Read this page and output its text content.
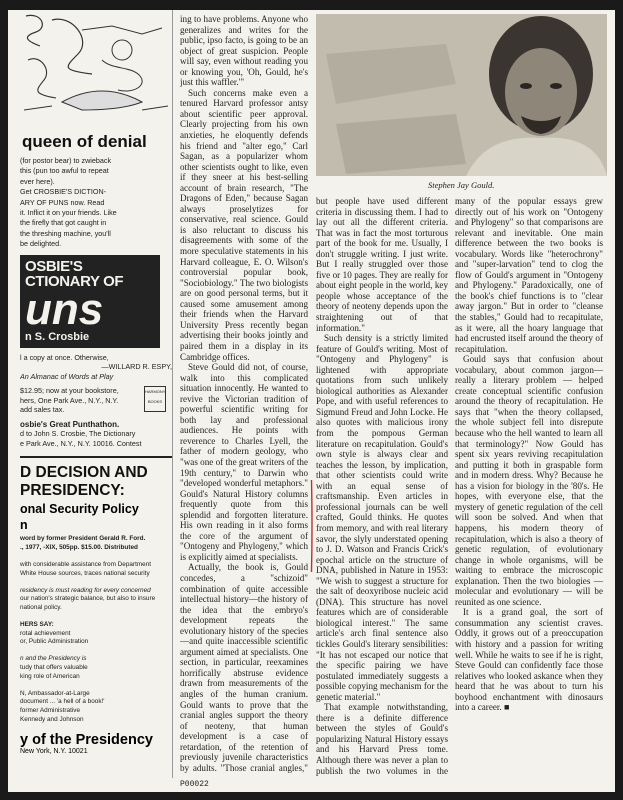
queen of denial

(for postor bear) to zwieback

this (pun too awful to repeat

ever here).

Get CROSBIE'S DICTION-

ARY OF PUNS now. Read

it. Inflict it on your friends. Like

the firefly that got caught in

the threshing machine, you'll

be delighted.

OSBIE'S
CTIONARY OF
uns
n S. Crosbie
l a copy at once. Otherwise,
—WILLARD R. ESPY,
An Almanac of Words at Play
HARMONY BOOKS
$12.95; now at your bookstore,
hers, One Park Ave., N.Y., N.Y.
add sales tax.
osbie's Great Punthathon.
d to John S. Crosbie, The Dictionary
e Park Ave., N.Y., N.Y. 10016. Contest
D DECISION AND
PRESIDENCY:
onal Security Policy
n
word by former President Gerald R. Ford.
., 1977, -XIX, 505pp. $15.00. Distributed

with considerable assistance from Department
White House sources, traces national security

residency is must reading for every concerned
our nation's strategic balance, but also to insure
national policy.

HERS SAY:
rotal achievement
or, Public Administration

n and the Presidency is
tudy that offers valuable
king role of American

N, Ambassador-at-Large
document ... 'a hell of a book!'
former Administrative
Kennedy and Johnson
y of the Presidency
New York, N.Y. 10021

ing to have problems. Anyone who generalizes and writes for the public, ipso facto, is going to be an object of great suspicion. People will say, even without reading you or knowing you, 'Oh, Gould, he's just this waffler.'"

Such concerns make even a tenured Harvard professor antsy about scientific peer approval. Clearly projecting from his own anxieties, he eloquently defends his friend and "alter ego," Carl Sagan, as a popularizer whom other scientists ought to like, even if they sneer at his best-selling account of brain research, "The Dragons of Eden," because Sagan always proselytizes for conservative, real science. Gould is also reluctant to discuss his disagreements with some of the more speculative statements in his Harvard colleague, E. O. Wilson's controversial popular book, "Sociobiology." The two biologists are on good personal terms, but it caused some amusement among their friends when the Harvard University Press recently began advertising their books jointly and paired them in a display in its Cambridge offices.

Steve Gould did not, of course, walk into this complicated situation innocently. He wanted to revive the Victorian tradition of powerful scientific writing for both lay and professional audiences. He points with reverence to Charles Lyell, the father of modern geology, who "was one of the great writers of the 19th century," to Darwin who "developed wonderful metaphors." Gould's Natural History columns frequently quote from this splendid and forgotten literature. His own reading in it also forms the core of the argument of "Ontogeny and Phylogeny," which is explicitly aimed at specialists.

Actually, the book is, Gould concedes, a "schizoid" combination of quite accessible intellectual history—the history of the idea that the embryo's development repeats the evolutionary history of the species—and quite inaccessible scientific argument aimed at specialists. One section, in particular, reexamines horrifically abstruse evidence drawn from measurements of the angles of the human cranium. Gould wants to prove that the cranial angles support the theory of neoteny, that human development is a case of retardation, of the retention of previously juvenile characteristics by adults. "Those cranial angles,"

Stephen Jay Gould.

but people have used different criteria in discussing them. I had to lay out all the different criteria. That was in fact the most torturous part of the book for me. Usually, I don't struggle writing. I just write. But I really struggled over those five or 10 pages. They are really for about eight people in the world, key people whose acceptance of the theory of neoteny depends upon the straightening out of that information."

Such density is a strictly limited feature of Gould's writing. Most of "Ontogeny and Phylogeny" is lightened with appropriate quotations from such unlikely biological authorities as Alexander Pope, and with useful references to Sigmund Freud and John Locke. He also quotes with malicious irony from the pompous German literature on recapitulation. Gould's own style is always clear and teaches the lesson, by implication, that other scientists could write with an equal sense of craftsmanship. Even articles in professional journals can be well crafted, Gould thinks. He quotes from memory, and with real literary savor, the slyly understated opening to J. D. Watson and Francis Crick's epochal article on the structure of DNA, published in Nature in 1953: "We wish to suggest a structure for the salt of deoxyribose nucleic acid (DNA). This structure has novel features which are of considerable biological interest." The same article's arch final sentence also tickles Gould's literary sensibilities: "It has not escaped our notice that the specific pairing we have postulated immediately suggests a possible copying mechanism for the genetic material."

That example notwithstanding, there is a definite difference between the styles of Gould's popularizing Natural History essays and his Harvard Press tome. Although there was never a plan to publish the two volumes in the

many of the popular essays grew directly out of his work on "Ontogeny and Phylogeny" so that comparisons are relevant and inevitable. One main difference between the two books is vocabulary. Words like "heterochrony" and "super-larvation" tend to clog the flow of Gould's argument in "Ontogeny and Phylogeny." Paradoxically, one of the book's chief functions is to "clear away jargon." But in order to "cleanse the stables," Gould had to recapitulate, as it were, all the hoary language that had encrusted itself around the theory of recapitulation.

Gould says that confusion about vocabulary, about common jargon—really a literary problem — helped create conceptual scientific confusion around the theory of recapitulation. He says that "when the theory collapsed, the whole subject fell into disrepute because who the hell wanted to learn all that terminology?" Now Gould has spent six years reviving recapitulation and putting it both in graspable form and in modern dress. Why? Because he has a vision for biology in the '80's. He hopes, with everyone else, that the mystery of genetic regulation of the cell will soon be solved. And when that happens, his modern theory of recapitulation, which is also a theory of genetic regulation, of evolutionary change in whole organisms, will be waiting to embrace the microscopic explanation. Then the two biologies — molecular and evolutionary — will be reunited as one science.

It is a grand goal, the sort of consummation any scientist craves. Oddly, it grows out of a preoccupation with history and a passion for writing well. While he waits to see if he is right, Steve Gould can confidently face those relatives who looked askance when they heard that he was about to turn his boyhood enchantment with dinosaurs into a career. ■

P00022
